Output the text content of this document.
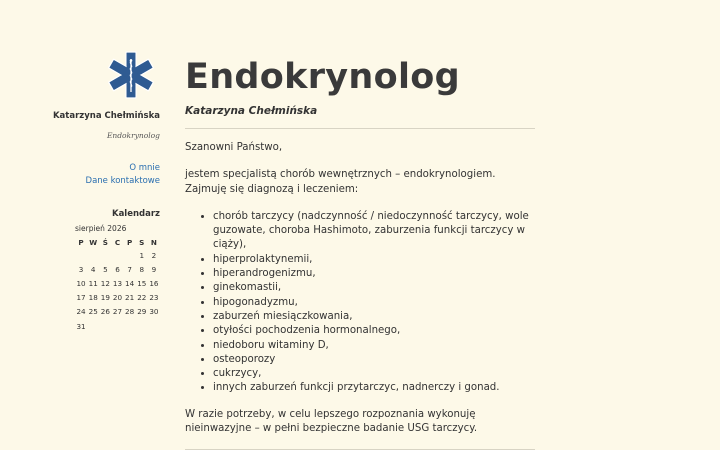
Katarzyna Chełmińska
Endokrynolog
O mnie
Dane kontaktowe
Kalendarz
sierpień 2026
P	W	Ś	C	P	S	N
					1	2
3	4	5	6	7	8	9
10	11	12	13	14	15	16
17	18	19	20	21	22	23
24	25	26	27	28	29	30
31						
Endokrynolog
Katarzyna Chełmińska

Szanowni Państwo,

jestem specjalistą chorób wewnętrznych – endokrynologiem. Zajmuję się diagnozą i leczeniem:

• chorób tarczycy (nadczynność / niedoczynność tarczycy, wole guzowate, choroba Hashimoto, zaburzenia funkcji tarczycy w ciąży),
• hiperprolaktynemii,
• hiperandrogenizmu,
• ginekomastii,
• hipogonadyzmu,
• zaburzeń miesiączkowania,
• otyłości pochodzenia hormonalnego,
• niedoboru witaminy D,
• osteoporozy
• cukrzycy,
• innych zaburzeń funkcji przytarczyc, nadnerczy i gonad.

W razie potrzeby, w celu lepszego rozpoznania wykonuję nieinwazyjne – w pełni bezpieczne badanie USG tarczycy.
